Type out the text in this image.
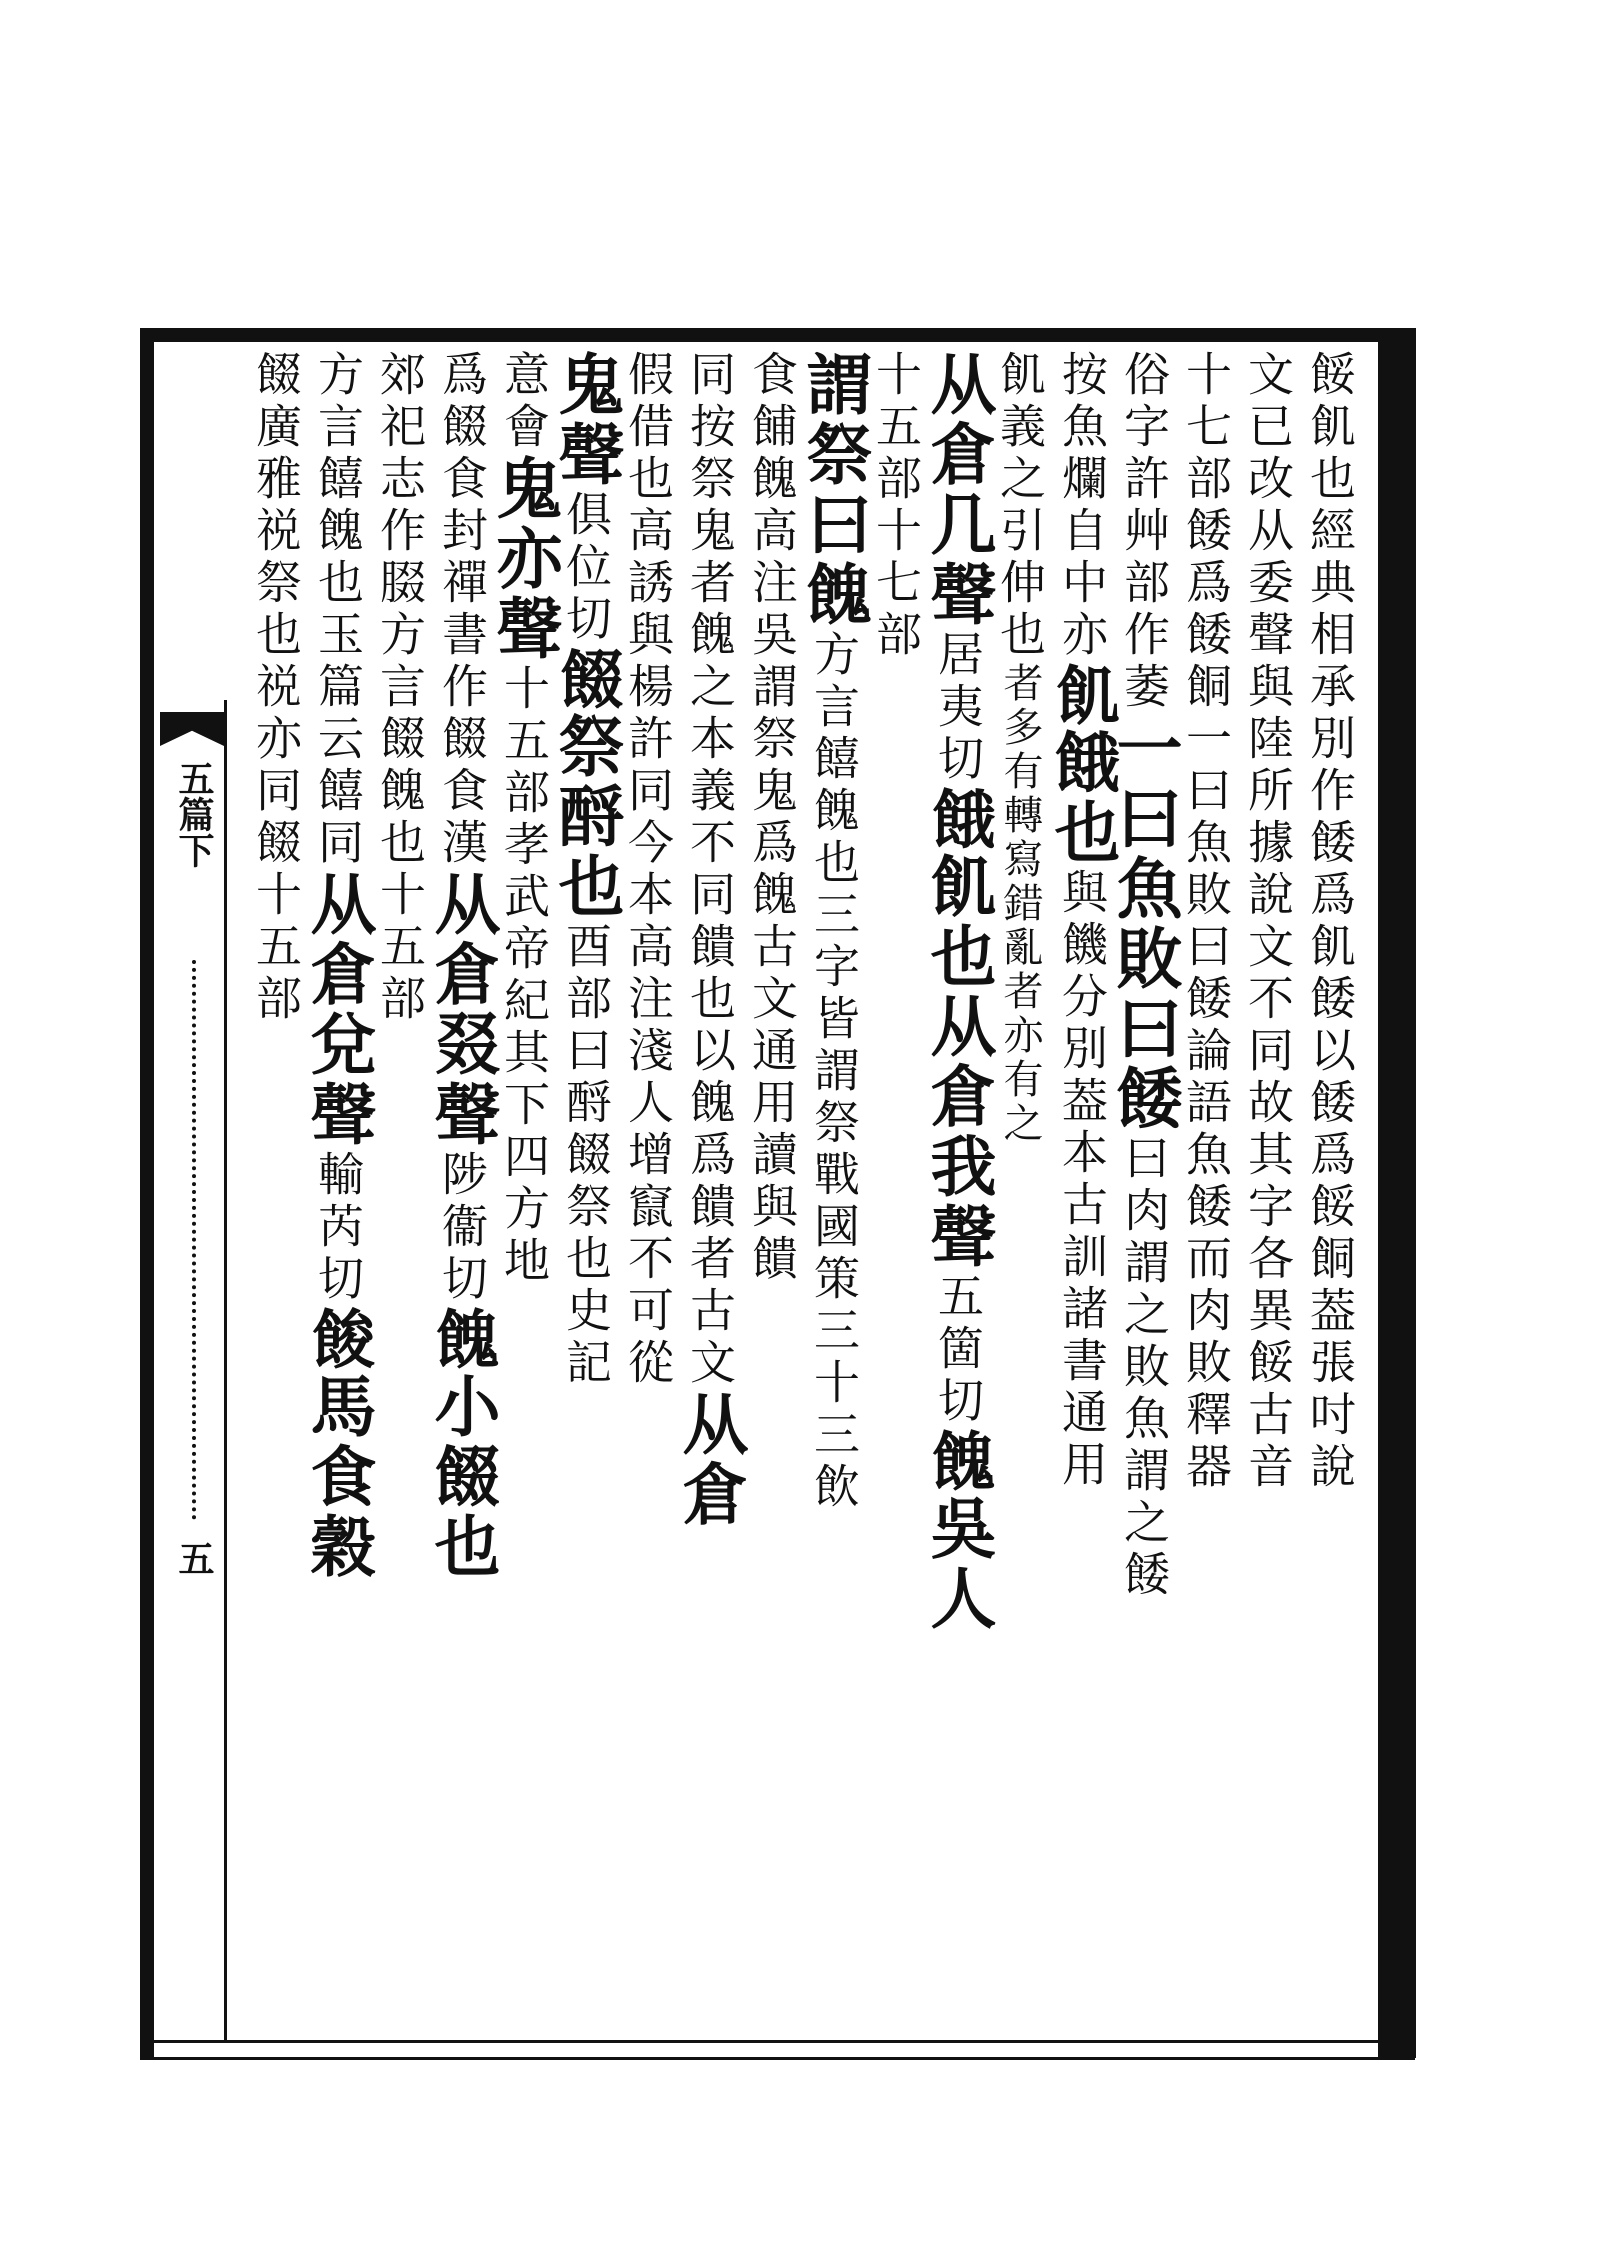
五篇下
五
餒飢也經典相承別作餧爲飢餧以餧爲餒餇葢張吋說
文已改从委聲與陸所據說文不同故其字各異餒古音
十七部餧爲餧餇一曰魚敗曰餧論語魚餧而肉敗釋器
俗字許艸部作萎一曰魚敗曰餧曰肉謂之敗魚謂之餧
按魚爛自中亦飢餓也與饑分別葢本古訓諸書通用
飢義之引伸也者多有轉寫錯亂者亦有之
从倉几聲居夷切餓飢也从倉我聲五箇切餽吳人
十五部十七部
謂祭曰餽方言饎餽也三字皆謂祭戰國策三十三飲
食餔餽高注吳謂祭鬼爲餽古文通用讀與饋
同按祭鬼者餽之本義不同饋也以餽爲饋者古文从倉
假借也高誘與楊許同今本高注淺人增竄不可從
鬼聲俱位切餟祭酹也酉部曰酹餟祭也史記
意會鬼亦聲十五部孝武帝紀其下四方地
爲餟食封禪書作餟食漢从倉叕聲陟衞切餽小餟也
郊祀志作腏方言餟餽也十五部
方言饎餽也玉篇云饎同从倉兌聲輸芮切餕馬食穀
餟廣雅祱祭也祱亦同餟十五部
